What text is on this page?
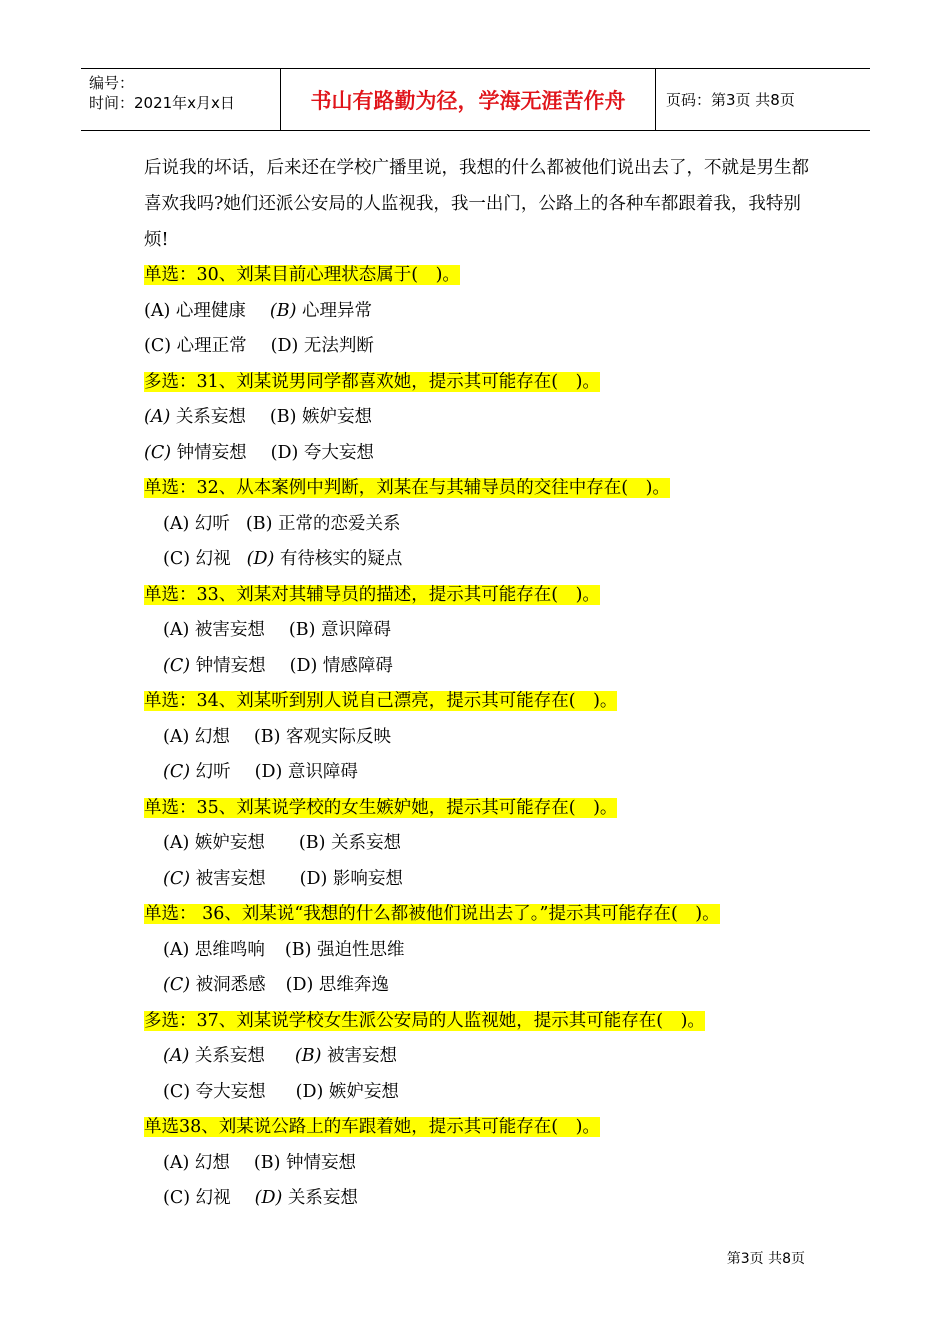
编号：
时间：2021年x月x日	书山有路勤为径，学海无涯苦作舟	页码：第3页 共8页

后说我的坏话，后来还在学校广播里说，我想的什么都被他们说出去了，不就是男生都喜欢我吗?她们还派公安局的人监视我，我一出门，公路上的各种车都跟着我，我特别烦!

单选：30、刘某目前心理状态属于(　)。
(A) 心理健康 (B) 心理异常
(C) 心理正常 (D) 无法判断
多选：31、刘某说男同学都喜欢她，提示其可能存在(　)。
(A) 关系妄想 (B) 嫉妒妄想
(C) 钟情妄想 (D) 夸大妄想
单选：32、从本案例中判断，刘某在与其辅导员的交往中存在(　)。
(A) 幻听 (B) 正常的恋爱关系
(C) 幻视 (D) 有待核实的疑点
单选：33、刘某对其辅导员的描述，提示其可能存在(　)。
(A) 被害妄想 (B) 意识障碍
(C) 钟情妄想 (D) 情感障碍
单选：34、刘某听到别人说自己漂亮，提示其可能存在(　)。
(A) 幻想 (B) 客观实际反映
(C) 幻听 (D) 意识障碍
单选：35、刘某说学校的女生嫉妒她，提示其可能存在(　)。
(A) 嫉妒妄想 (B) 关系妄想
(C) 被害妄想 (D) 影响妄想
单选： 36、刘某说“我想的什么都被他们说出去了。”提示其可能存在(　)。
(A) 思维鸣响 (B) 强迫性思维
(C) 被洞悉感 (D) 思维奔逸
多选：37、刘某说学校女生派公安局的人监视她，提示其可能存在(　)。
(A) 关系妄想 (B) 被害妄想
(C) 夸大妄想 (D) 嫉妒妄想
单选38、刘某说公路上的车跟着她，提示其可能存在(　)。
(A) 幻想 (B) 钟情妄想
(C) 幻视 (D) 关系妄想
第3页 共8页
